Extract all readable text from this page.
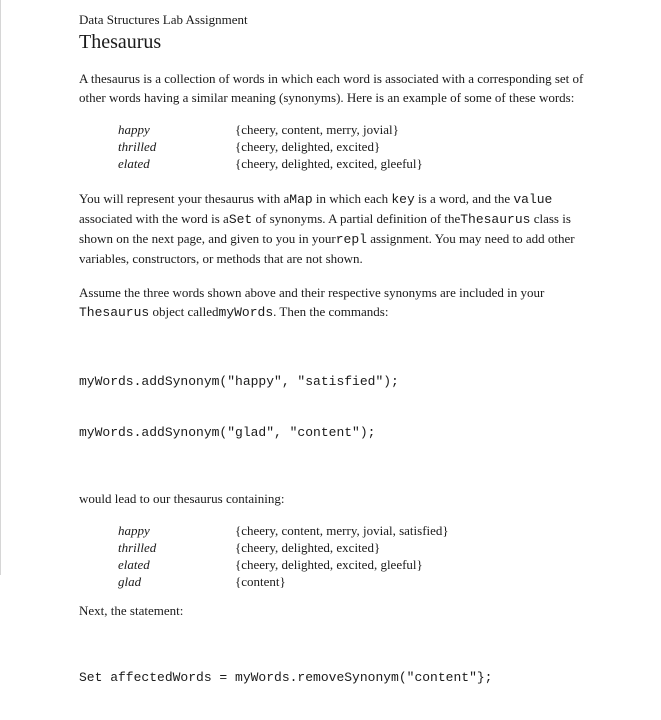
Data Structures Lab Assignment
Thesaurus

A thesaurus is a collection of words in which each word is associated with a corresponding set of other words having a similar meaning (synonyms). Here is an example of some of these words:

happy	{cheery, content, merry, jovial}
thrilled	{cheery, delighted, excited}
elated	{cheery, delighted, excited, gleeful}

You will represent your thesaurus with aMap in which each key is a word, and the value associated with the word is aSet of synonyms. A partial definition of theThesaurus class is shown on the next page, and given to you in yourrepl assignment. You may need to add other variables, constructors, or methods that are not shown.

Assume the three words shown above and their respective synonyms are included in your Thesaurus object calledmyWords. Then the commands:

myWords.addSynonym("happy", "satisfied");

myWords.addSynonym("glad", "content");

would lead to our thesaurus containing:

happy	{cheery, content, merry, jovial, satisfied}
thrilled	{cheery, delighted, excited}
elated	{cheery, delighted, excited, gleeful}
glad	{content}

Next, the statement:

Set affectedWords = myWords.removeSynonym("content"};
